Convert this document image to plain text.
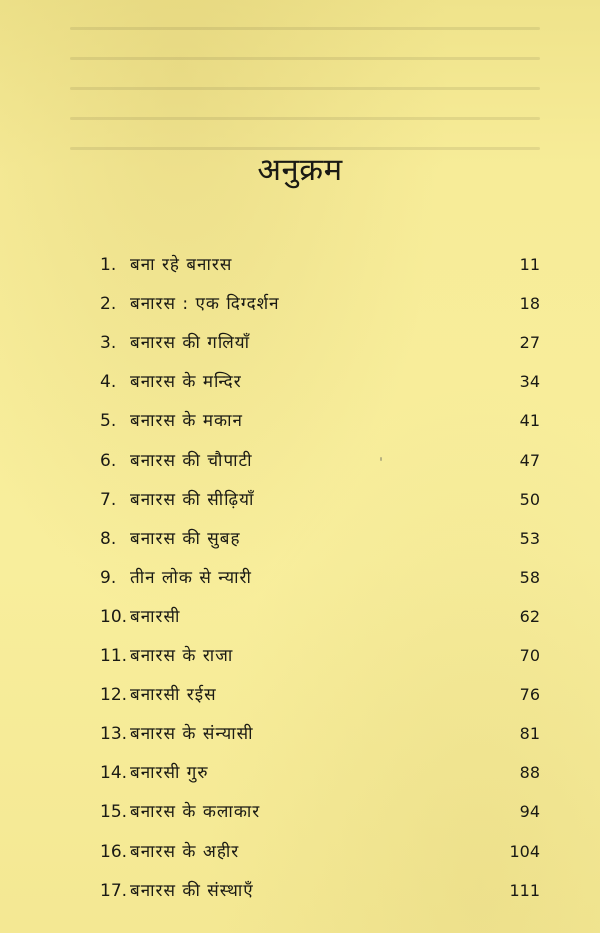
अनुक्रम
1. बना रहे बनारस	11
2. बनारस : एक दिग्दर्शन	18
3. बनारस की गलियाँ	27
4. बनारस के मन्दिर	34
5. बनारस के मकान	41
6. बनारस की चौपाटी	47
7. बनारस की सीढ़ियाँ	50
8. बनारस की सुबह	53
9. तीन लोक से न्यारी	58
10. बनारसी	62
11. बनारस के राजा	70
12. बनारसी रईस	76
13. बनारस के संन्यासी	81
14. बनारसी गुरु	88
15. बनारस के कलाकार	94
16. बनारस के अहीर	104
17. बनारस की संस्थाएँ	111
